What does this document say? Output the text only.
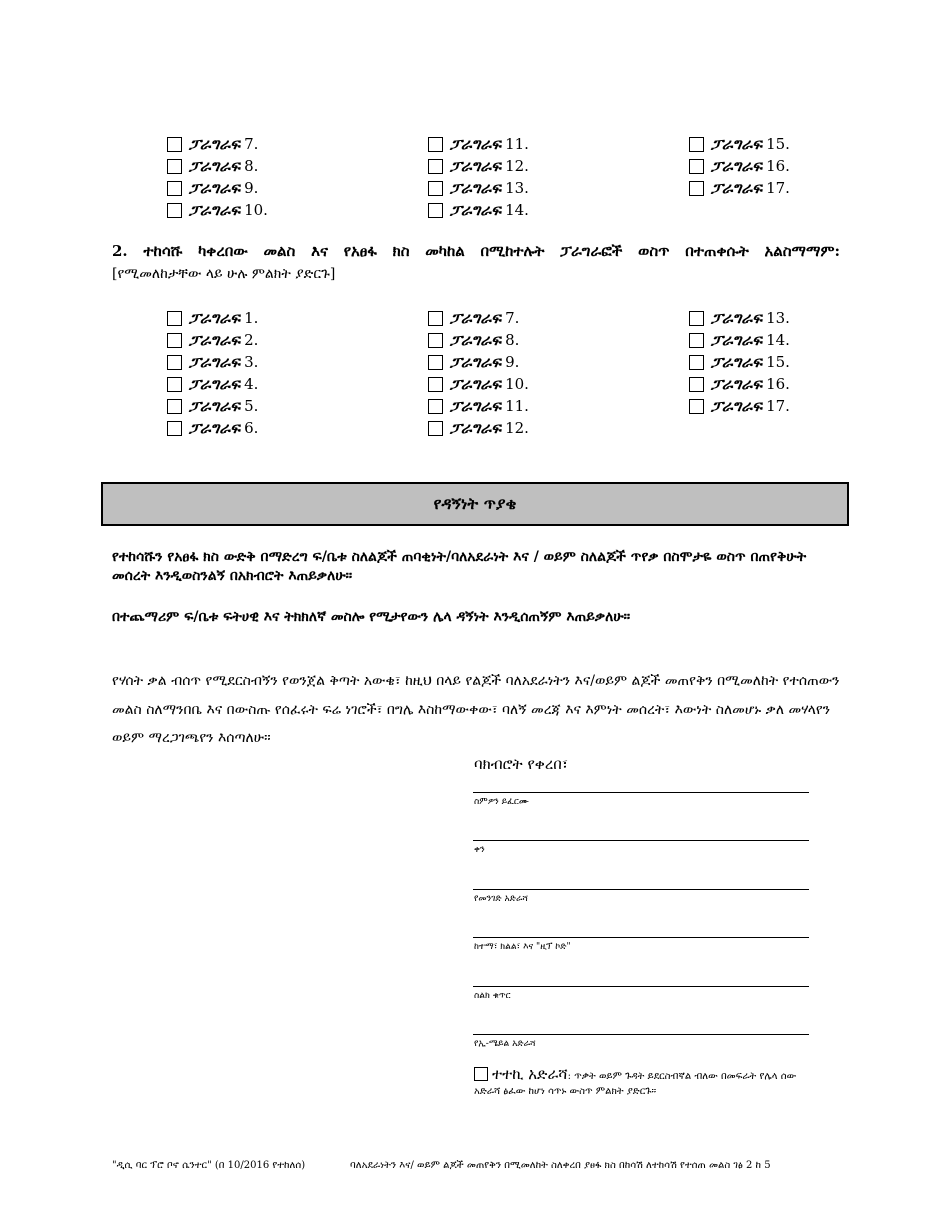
ፓራግራፍ 7.
ፓራግራፍ 8.
ፓራግራፍ 9.
ፓራግራፍ 10.
ፓራግራፍ 11.
ፓራግራፍ 12.
ፓራግራፍ 13.
ፓራግራፍ 14.
ፓራግራፍ 15.
ፓራግራፍ 16.
ፓራግራፍ 17.
2. ተከሳሹ ካቀረበው መልስ እና የአፀፋ ክስ መካከል በሚከተሉት ፓራግራፎች ወስጥ በተጠቀሱት አልስማማም:
[የሚመለከታቸው ላይ ሁሉ ምልክት ያድርጉ]
ፓራግራፍ 1.
ፓራግራፍ 2.
ፓራግራፍ 3.
ፓራግራፍ 4.
ፓራግራፍ 5.
ፓራግራፍ 6.
ፓራግራፍ 7.
ፓራግራፍ 8.
ፓራግራፍ 9.
ፓራግራፍ 10.
ፓራግራፍ 11.
ፓራግራፍ 12.
ፓራግራፍ 13.
ፓራግራፍ 14.
ፓራግራፍ 15.
ፓራግራፍ 16.
ፓራግራፍ 17.
የዳኝነት ጥያቄ
የተከሳሹን የአፀፋ ክስ ውድቅ በማድረግ ፍ/ቤቱ ስለልጆች ጠባቂነት/ባለአደራነት እና / ወይም ስለልጆች ጥየቃ በስሞታዬ ወስጥ በጠየቅሁት መሰረት እንዲወስንልኝ በአክብሮት እጠይቃለሁ።
በተጨማሪም ፍ/ቤቱ ፍትሀዊ እና ትክክለኛ መስሎ የሚታየውን ሌላ ዳኝነት እንዲሰጠኝም እጠይቃለሁ።
የሃሰት ቃል ብሰጥ የሚደርስብኝን የወንጀል ቅጣት አውቄ፣ ከዚህ በላይ የልጆች ባለአደራነትን እና/ወይም ልጆች መጠየቅን በሚመለከት የተሰጠውን መልስ ስለማንበቤ እና በውስጡ የሰፈሩት ፍሬ ነገሮች፣ በግሌ እስከማውቀው፣ ባለኝ መረጃ እና እምነት መሰረት፣ እውነት ስለመሆኑ ቃለ መሃላየን ወይም ማረጋገጫየን እሰጣለሁ።
ባክብሮት የቀረበ፣
ስምዎን ይፈርሙ
ቀን
የመንገድ አድራሻ
ከተማ፣ ክልል፣ እና "ዚፕ ኮድ"
ስልክ ቁጥር
የኢ-ሜይል አድራሻ
ተተኪ አድራሻ: ጥቃት ወይም ጉዳት ይደርስብኛል ብለው በመፍራት የሌላ ሰው አድራሻ ፅፈው ከሆነ ሳጥኑ ውስጥ ምልክት ያድርጉ።
"ዲሲ ባር ፕሮ ቦኖ ሴንተር" (በ 10/2016 የተከለሰ)	ባለአደራነትን እና/ ወይም ልጆች መጠየቅን በሚመለከት ስለቀረበ ያፀፋ ክስ በከሳሽ ለተከሳሽ የተሰጠ መልስ ገፅ 2 ከ 5
